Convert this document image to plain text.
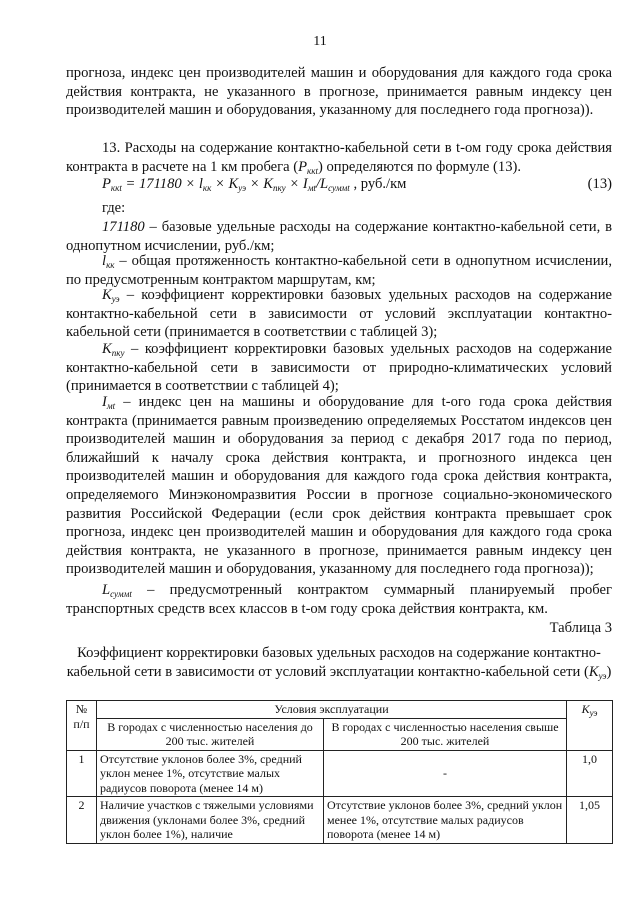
11

прогноза, индекс цен производителей машин и оборудования для каждого года срока действия контракта, не указанного в прогнозе, принимается равным индексу цен производителей машин и оборудования, указанному для последнего года прогноза)).

13. Расходы на содержание контактно-кабельной сети в t-ом году срока действия контракта в расчете на 1 км пробега $(P_{ккt})$ определяются по формуле (13).

$P_{ккt} = 171180 \times l_{кк} \times K_{уэ} \times K_{пку} \times I_{мt}/L_{суммt}$ , руб./км	(13)

где:

171180 – базовые удельные расходы на содержание контактно-кабельной сети, в однопутном исчислении, руб./км;

$l_{кк}$ – общая протяженность контактно-кабельной сети в однопутном исчислении, по предусмотренным контрактом маршрутам, км;

$K_{уэ}$ – коэффициент корректировки базовых удельных расходов на содержание контактно-кабельной сети в зависимости от условий эксплуатации контактно-кабельной сети (принимается в соответствии с таблицей 3);

$K_{пку}$ – коэффициент корректировки базовых удельных расходов на содержание контактно-кабельной сети в зависимости от природно-климатических условий (принимается в соответствии с таблицей 4);

$I_{мt}$ – индекс цен на машины и оборудование для t-ого года срока действия контракта (принимается равным произведению определяемых Росстатом индексов цен производителей машин и оборудования за период с декабря 2017 года по период, ближайший к началу срока действия контракта, и прогнозного индекса цен производителей машин и оборудования для каждого года срока действия контракта, определяемого Минэкономразвития России в прогнозе социально-экономического развития Российской Федерации (если срок действия контракта превышает срок прогноза, индекс цен производителей машин и оборудования для каждого года срока действия контракта, не указанного в прогнозе, принимается равным индексу цен производителей машин и оборудования, указанному для последнего года прогноза));

$L_{суммt}$ – предусмотренный контрактом суммарный планируемый пробег транспортных средств всех классов в t-ом году срока действия контракта, км.

Таблица 3

Коэффициент корректировки базовых удельных расходов на содержание контактно-кабельной сети в зависимости от условий эксплуатации контактно-кабельной сети $(K_{уэ})$

№ п/п	Условия эксплуатации		$K_{уэ}$
	В городах с численностью населения до 200 тыс. жителей	В городах с численностью населения свыше 200 тыс. жителей	
1	Отсутствие уклонов более 3%, средний уклон менее 1%, отсутствие малых радиусов поворота (менее 14 м)	-	1,0
2	Наличие участков с тяжелыми условиями движения (уклонами более 3%, средний уклон более 1%), наличие	Отсутствие уклонов более 3%, средний уклон менее 1%, отсутствие малых радиусов поворота (менее 14 м)	1,05
